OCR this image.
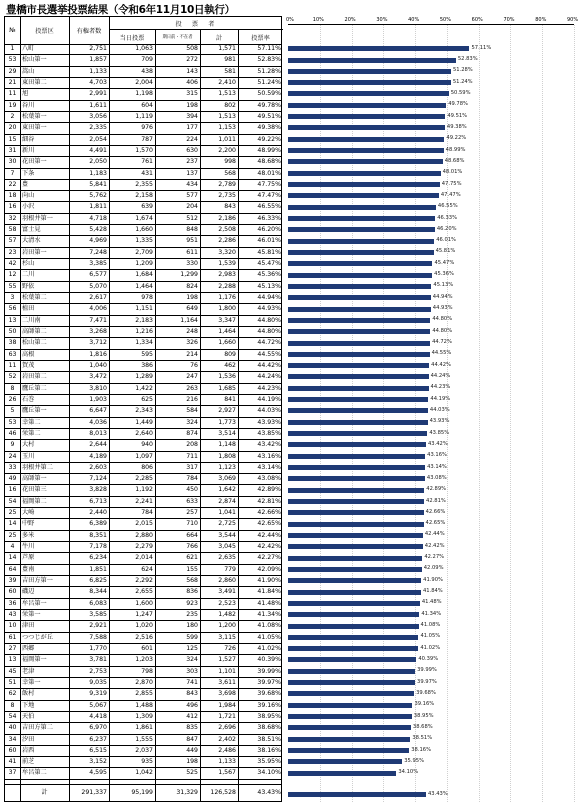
豊橋市長選挙投票結果（令和6年11月10日執行）
№	投票区	有権者数
投　票　者
当日投票	期日前・不在者	計	投票率
1	八町	2,751	1,063	508	1,571	57.11%
53 松山第一	1,857	709	272	981	52.83%
29 嵩山	1,133	438	143	581	51.28%
21 東田第二	4,703	2,004	406	2,410	51.24%
11 旭	2,991	1,198	315	1,513	50.59%
19 谷川	1,611	604	198	802	49.78%
2	松葉第一	3,056	1,119	394	1,513	49.51%
20 東田第一	2,335	976	177	1,153	49.38%
15 細谷	2,054	787	224	1,011	49.22%
31 新川	4,491	1,570	630	2,200	48.99%
30 花田第一	2,050	761	237	998	48.68%
7	下条	1,183	431	137	568	48.01%
22 豊	5,841	2,355	434	2,789	47.75%
18 向山	5,762	2,158	577	2,735	47.47%
16 小沢	1,811	639	204	843	46.55%
32 羽根井第一	4,718	1,674	512	2,186	46.33%
58 富士見	5,428	1,660	848	2,508	46.20%
57 大清水	4,969	1,335	951	2,286	46.01%
23 岩田第一	7,248	2,709	611	3,320	45.81%
42 杉山	3,385	1,209	330	1,539	45.47%
12 二川	6,577	1,684	1,299	2,983	45.36%
55 野依	5,070	1,464	824	2,288	45.13%
3	松葉第二	2,617	978	198	1,176	44.94%
56 植田	4,006	1,151	649	1,800	44.93%
13 二川南	7,471	2,183	1,164	3,347	44.80%
50 高師第二	3,268	1,216	248	1,464	44.80%
38 松山第二	3,712	1,334	326	1,660	44.72%
63 高根	1,816	595	214	809	44.55%
11 賀茂	1,040	386	76	462	44.42%
52 岩田第二	3,472	1,289	247	1,536	44.24%
8	鷹丘第二	3,810	1,422	263	1,685	44.23%
26 石巻	1,903	625	216	841	44.19%
5	鷹丘第一	6,647	2,343	584	2,927	44.03%
53 幸第二	4,036	1,449	324	1,773	43.93%
46 栄第二	8,013	2,640	874	3,514	43.85%
9	大村	2,644	940	208	1,148	43.42%
24 玉川	4,189	1,097	711	1,808	43.16%
33 羽根井第二	2,603	806	317	1,123	43.14%
49 高師第一	7,124	2,285	784	3,069	43.08%
16 花田第三	3,828	1,192	450	1,642	42.89%
54 福岡第二	6,713	2,241	633	2,874	42.81%
25 大崎	2,440	784	257	1,041	42.66%
14 中野	6,389	2,015	710	2,725	42.65%
25 多米	8,351	2,880	664	3,544	42.44%
4	牛川	7,178	2,279	766	3,045	42.42%
14 芦原	6,234	2,014	621	2,635	42.27%
64 豊南	1,851	624	155	779	42.09%
39 吉田方第一	6,825	2,292	568	2,860	41.90%
60 磯辺	8,344	2,655	836	3,491	41.84%
36 牟呂第一	6,083	1,600	923	2,523	41.48%
43 栄第一	3,585	1,247	235	1,482	41.34%
10 津田	2,921	1,020	180	1,200	41.08%
61 つつじが丘	7,588	2,516	599	3,115	41.05%
27 西郷	1,770	601	125	726	41.02%
13 福岡第一	3,781	1,203	324	1,527	40.39%
45 老津	2,753	798	303	1,101	39.99%
51 幸第一	9,035	2,870	741	3,611	39.97%
62 飯村	9,319	2,855	843	3,698	39.68%
8	下地	5,067	1,488	496	1,984	39.16%
54 天伯	4,418	1,309	412	1,721	38.95%
40 吉田方第二	6,970	1,861	835	2,696	38.68%
34 汐田	6,237	1,555	847	2,402	38.51%
60 岩西	6,515	2,037	449	2,486	38.16%
41 前芝	3,152	935	198	1,133	35.95%
37 牟呂第二	4,595	1,042	525	1,567	34.10%
計	291,337	95,199	31,329	126,528	43.43%
0%	10%	20%	30%	40%	50%	60%	70%	80%	90%
57.11%
52.83%
51.28%
51.24%
50.59%
49.78%
49.51%
49.38%
49.22%
48.99%
48.68%
48.01%
47.75%
47.47%
46.55%
46.33%
46.20%
46.01%
45.81%
45.47%
45.36%
45.13%
44.94%
44.93%
44.80%
44.80%
44.72%
44.55%
44.42%
44.24%
44.23%
44.19%
44.03%
43.93%
43.85%
43.42%
43.16%
43.14%
43.08%
42.89%
42.81%
42.66%
42.65%
42.44%
42.42%
42.27%
42.09%
41.90%
41.84%
41.48%
41.34%
41.08%
41.05%
41.02%
40.39%
39.99%
39.97%
39.68%
39.16%
38.95%
38.68%
38.51%
38.16%
35.95%
34.10%
43.43%
